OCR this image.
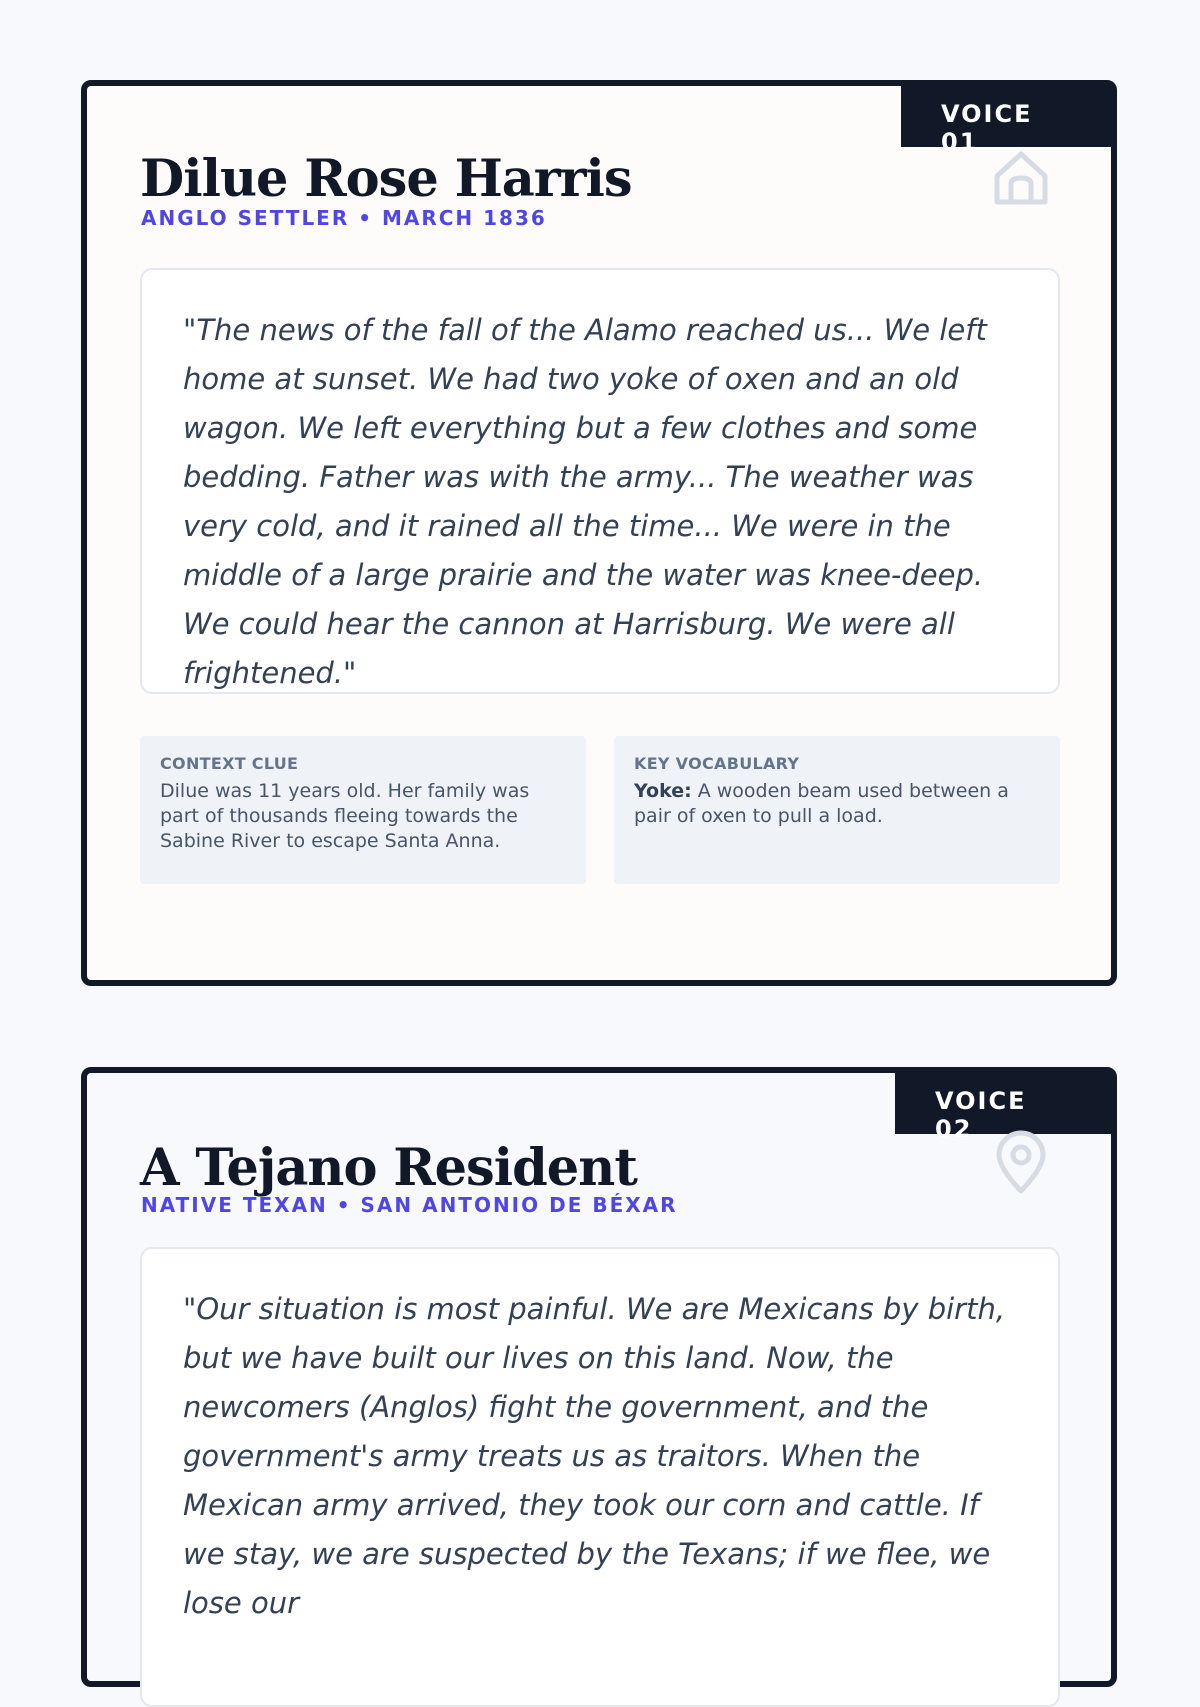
VOICE 01
Dilue Rose Harris
ANGLO SETTLER • MARCH 1836

"The news of the fall of the Alamo reached us... We left home at sunset. We had two yoke of oxen and an old wagon. We left everything but a few clothes and some bedding. Father was with the army... The weather was very cold, and it rained all the time... We were in the middle of a large prairie and the water was knee-deep. We could hear the cannon at Harrisburg. We were all frightened."

CONTEXT CLUE
Dilue was 11 years old. Her family was part of thousands fleeing towards the Sabine River to escape Santa Anna.
KEY VOCABULARY
Yoke: A wooden beam used between a pair of oxen to pull a load.
VOICE 02
A Tejano Resident
NATIVE TEXAN • SAN ANTONIO DE BÉXAR

"Our situation is most painful. We are Mexicans by birth, but we have built our lives on this land. Now, the newcomers (Anglos) fight the government, and the government's army treats us as traitors. When the Mexican army arrived, they took our corn and cattle. If we stay, we are suspected by the Texans; if we flee, we lose our
